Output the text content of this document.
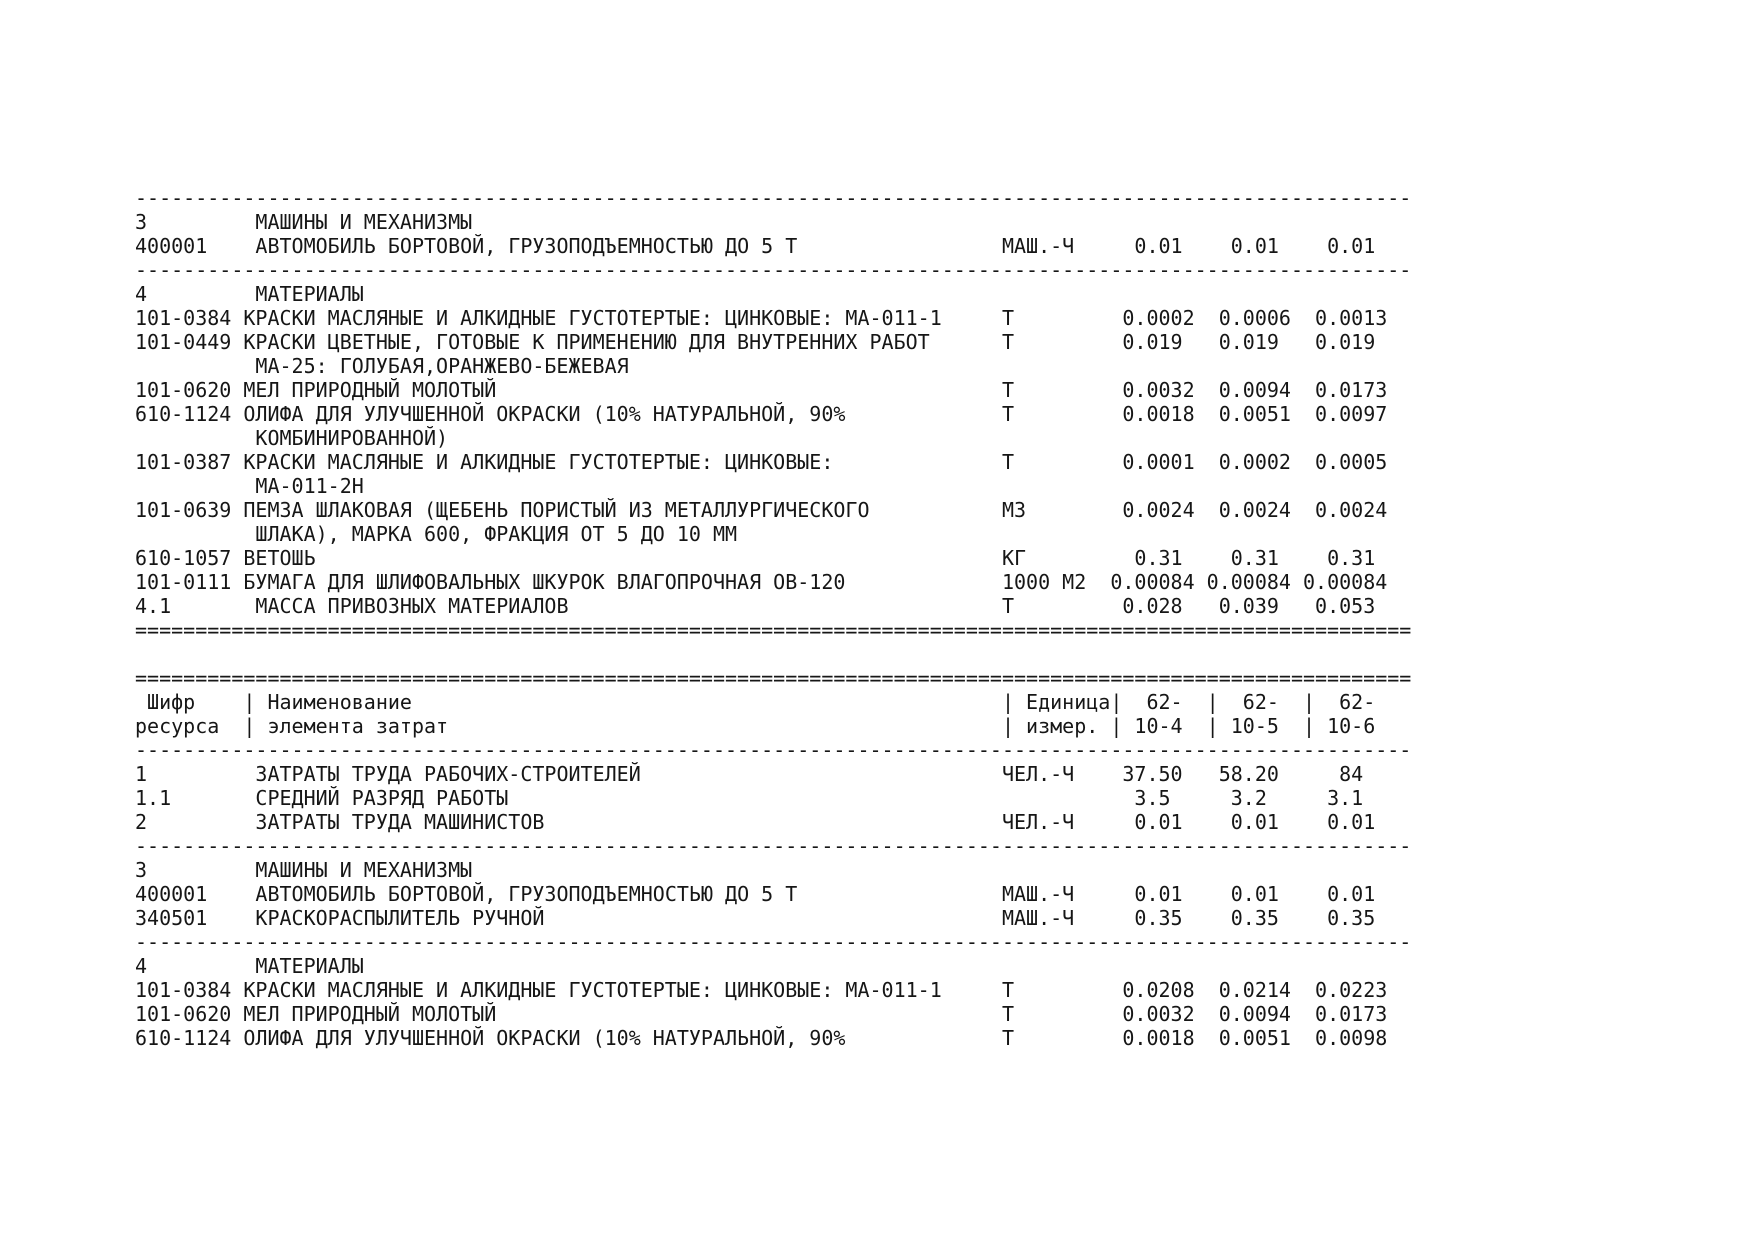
----------------------------------------------------------------------------------------------------------
3         МАШИНЫ И МЕХАНИЗМЫ
400001    АВТОМОБИЛЬ БОРТОВОЙ, ГРУЗОПОДЪЕМНОСТЬЮ ДО 5 Т                 МАШ.-Ч     0.01    0.01    0.01
----------------------------------------------------------------------------------------------------------
4         МАТЕРИАЛЫ
101-0384 КРАСКИ МАСЛЯНЫЕ И АЛКИДНЫЕ ГУСТОТЕРТЫЕ: ЦИНКОВЫЕ: МА-011-1     Т         0.0002  0.0006  0.0013
101-0449 КРАСКИ ЦВЕТНЫЕ, ГОТОВЫЕ К ПРИМЕНЕНИЮ ДЛЯ ВНУТРЕННИХ РАБОТ      Т         0.019   0.019   0.019
МА-25: ГОЛУБАЯ,ОРАНЖЕВО-БЕЖЕВАЯ
101-0620 МЕЛ ПРИРОДНЫЙ МОЛОТЫЙ                                          Т         0.0032  0.0094  0.0173
610-1124 ОЛИФА ДЛЯ УЛУЧШЕННОЙ ОКРАСКИ (10% НАТУРАЛЬНОЙ, 90%             Т         0.0018  0.0051  0.0097
КОМБИНИРОВАННОЙ)
101-0387 КРАСКИ МАСЛЯНЫЕ И АЛКИДНЫЕ ГУСТОТЕРТЫЕ: ЦИНКОВЫЕ:              Т         0.0001  0.0002  0.0005
МА-011-2Н
101-0639 ПЕМЗА ШЛАКОВАЯ (ЩЕБЕНЬ ПОРИСТЫЙ ИЗ МЕТАЛЛУРГИЧЕСКОГО           М3        0.0024  0.0024  0.0024
ШЛАКА), МАРКА 600, ФРАКЦИЯ ОТ 5 ДО 10 ММ
610-1057 ВЕТОШЬ                                                         КГ         0.31    0.31    0.31
101-0111 БУМАГА ДЛЯ ШЛИФОВАЛЬНЫХ ШКУРОК ВЛАГОПРОЧНАЯ ОВ-120             1000 М2  0.00084 0.00084 0.00084
4.1       МАССА ПРИВОЗНЫХ МАТЕРИАЛОВ                                    Т         0.028   0.039   0.053
==========================================================================================================

==========================================================================================================
Шифр    | Наименование                                                 | Единица|  62-  |  62-  |  62-
ресурса  | элемента затрат                                              | измер. | 10-4  | 10-5  | 10-6
----------------------------------------------------------------------------------------------------------
1         ЗАТРАТЫ ТРУДА РАБОЧИХ-СТРОИТЕЛЕЙ                              ЧЕЛ.-Ч    37.50   58.20     84
1.1       СРЕДНИЙ РАЗРЯД РАБОТЫ	3.5     3.2     3.1
2         ЗАТРАТЫ ТРУДА МАШИНИСТОВ                                      ЧЕЛ.-Ч     0.01    0.01    0.01
----------------------------------------------------------------------------------------------------------
3         МАШИНЫ И МЕХАНИЗМЫ
400001    АВТОМОБИЛЬ БОРТОВОЙ, ГРУЗОПОДЪЕМНОСТЬЮ ДО 5 Т                 МАШ.-Ч     0.01    0.01    0.01
340501    КРАСКОРАСПЫЛИТЕЛЬ РУЧНОЙ                                      МАШ.-Ч     0.35    0.35    0.35
----------------------------------------------------------------------------------------------------------
4         МАТЕРИАЛЫ
101-0384 КРАСКИ МАСЛЯНЫЕ И АЛКИДНЫЕ ГУСТОТЕРТЫЕ: ЦИНКОВЫЕ: МА-011-1     Т         0.0208  0.0214  0.0223
101-0620 МЕЛ ПРИРОДНЫЙ МОЛОТЫЙ                                          Т         0.0032  0.0094  0.0173
610-1124 ОЛИФА ДЛЯ УЛУЧШЕННОЙ ОКРАСКИ (10% НАТУРАЛЬНОЙ, 90%             Т         0.0018  0.0051  0.0098
